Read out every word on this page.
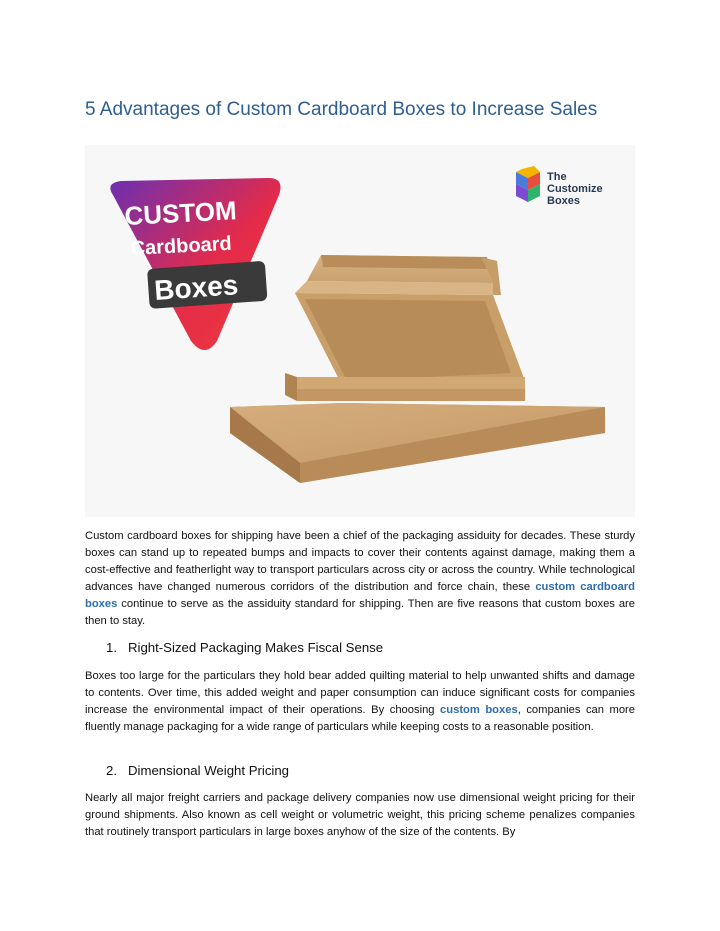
5 Advantages of Custom Cardboard Boxes to Increase Sales
CUSTOM
Cardboard
Boxes
The
Customize
Boxes

Custom cardboard boxes for shipping have been a chief of the packaging assiduity for decades. These sturdy boxes can stand up to repeated bumps and impacts to cover their contents against damage, making them a cost-effective and featherlight way to transport particulars across city or across the country. While technological advances have changed numerous corridors of the distribution and force chain, these custom cardboard boxes continue to serve as the assiduity standard for shipping. Then are five reasons that custom boxes are then to stay.

1. Right-Sized Packaging Makes Fiscal Sense

Boxes too large for the particulars they hold bear added quilting material to help unwanted shifts and damage to contents. Over time, this added weight and paper consumption can induce significant costs for companies increase the environmental impact of their operations. By choosing custom boxes, companies can more fluently manage packaging for a wide range of particulars while keeping costs to a reasonable position.

2. Dimensional Weight Pricing

Nearly all major freight carriers and package delivery companies now use dimensional weight pricing for their ground shipments. Also known as cell weight or volumetric weight, this pricing scheme penalizes companies that routinely transport particulars in large boxes anyhow of the size of the contents. By
